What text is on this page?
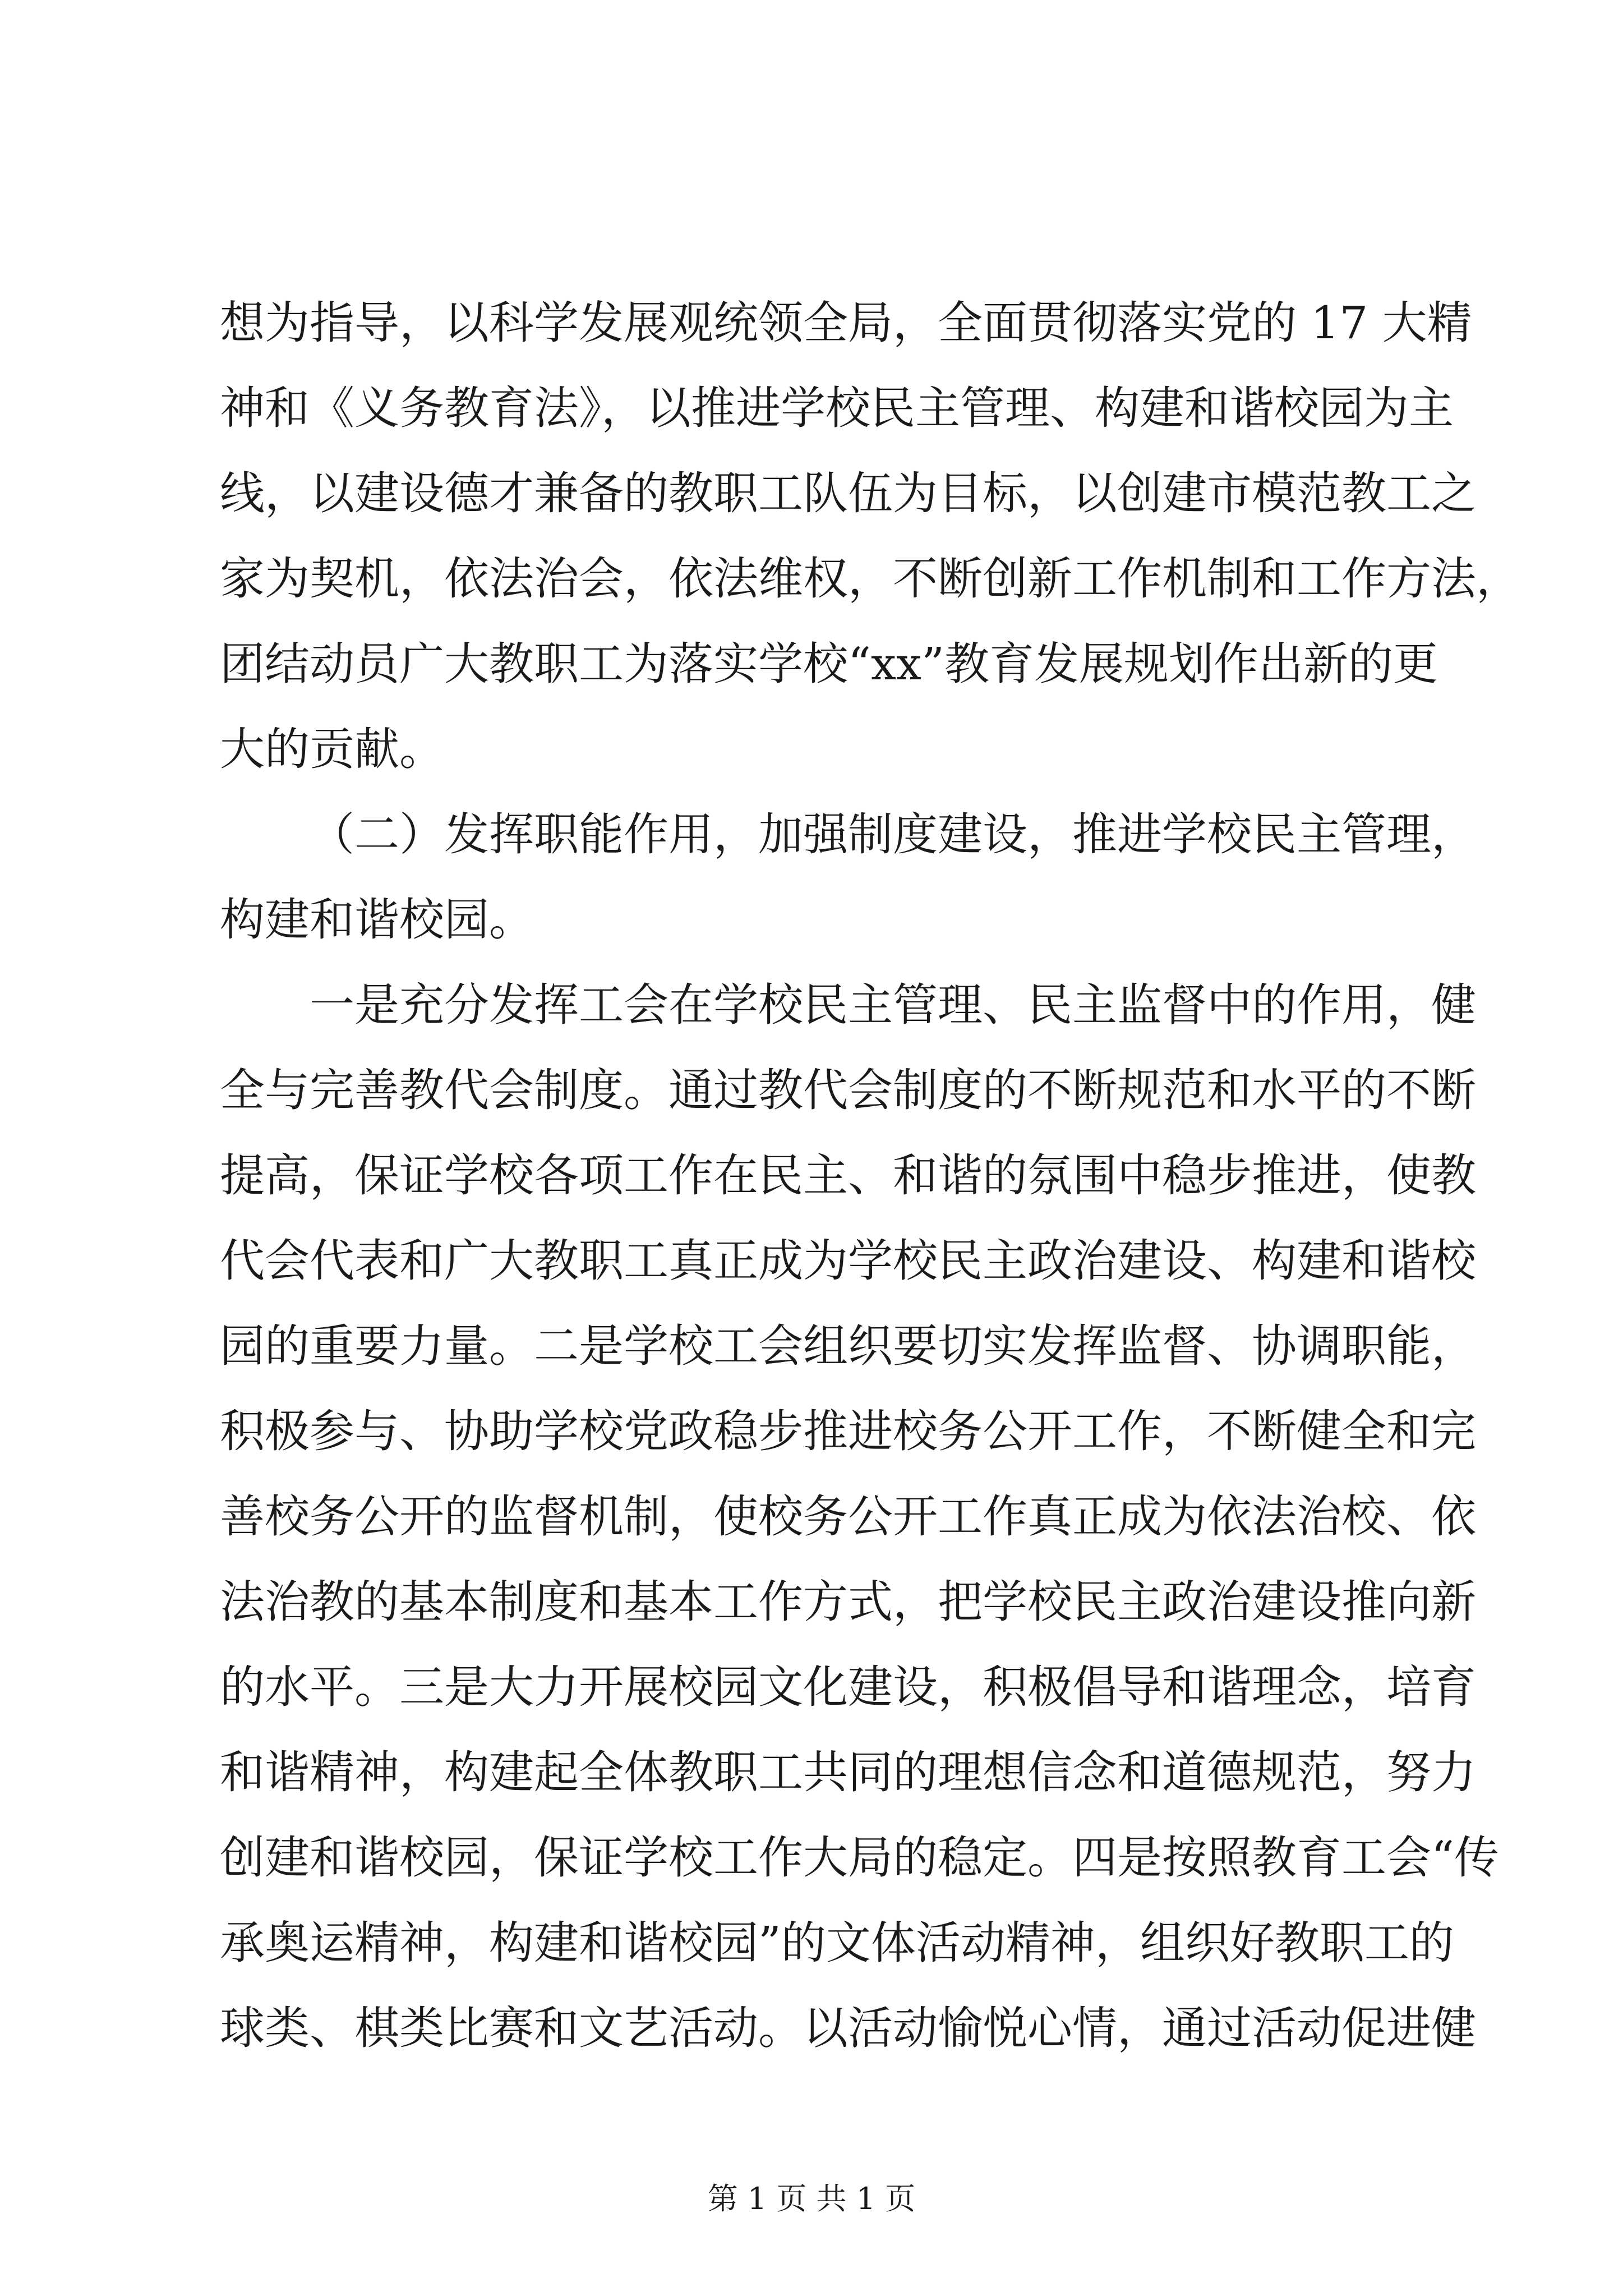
想为指导，以科学发展观统领全局，全面贯彻落实党的 17 大精
神和《义务教育法》，以推进学校民主管理、构建和谐校园为主
线，以建设德才兼备的教职工队伍为目标，以创建市模范教工之
家为契机，依法治会，依法维权，不断创新工作机制和工作方法，
团结动员广大教职工为落实学校“xx”教育发展规划作出新的更
大的贡献。
（二）发挥职能作用，加强制度建设，推进学校民主管理，
构建和谐校园。
一是充分发挥工会在学校民主管理、民主监督中的作用，健
全与完善教代会制度。通过教代会制度的不断规范和水平的不断
提高，保证学校各项工作在民主、和谐的氛围中稳步推进，使教
代会代表和广大教职工真正成为学校民主政治建设、构建和谐校
园的重要力量。二是学校工会组织要切实发挥监督、协调职能，
积极参与、协助学校党政稳步推进校务公开工作，不断健全和完
善校务公开的监督机制，使校务公开工作真正成为依法治校、依
法治教的基本制度和基本工作方式，把学校民主政治建设推向新
的水平。三是大力开展校园文化建设，积极倡导和谐理念，培育
和谐精神，构建起全体教职工共同的理想信念和道德规范，努力
创建和谐校园，保证学校工作大局的稳定。四是按照教育工会“传
承奥运精神，构建和谐校园”的文体活动精神，组织好教职工的
球类、棋类比赛和文艺活动。以活动愉悦心情，通过活动促进健
第 1 页 共 1 页
